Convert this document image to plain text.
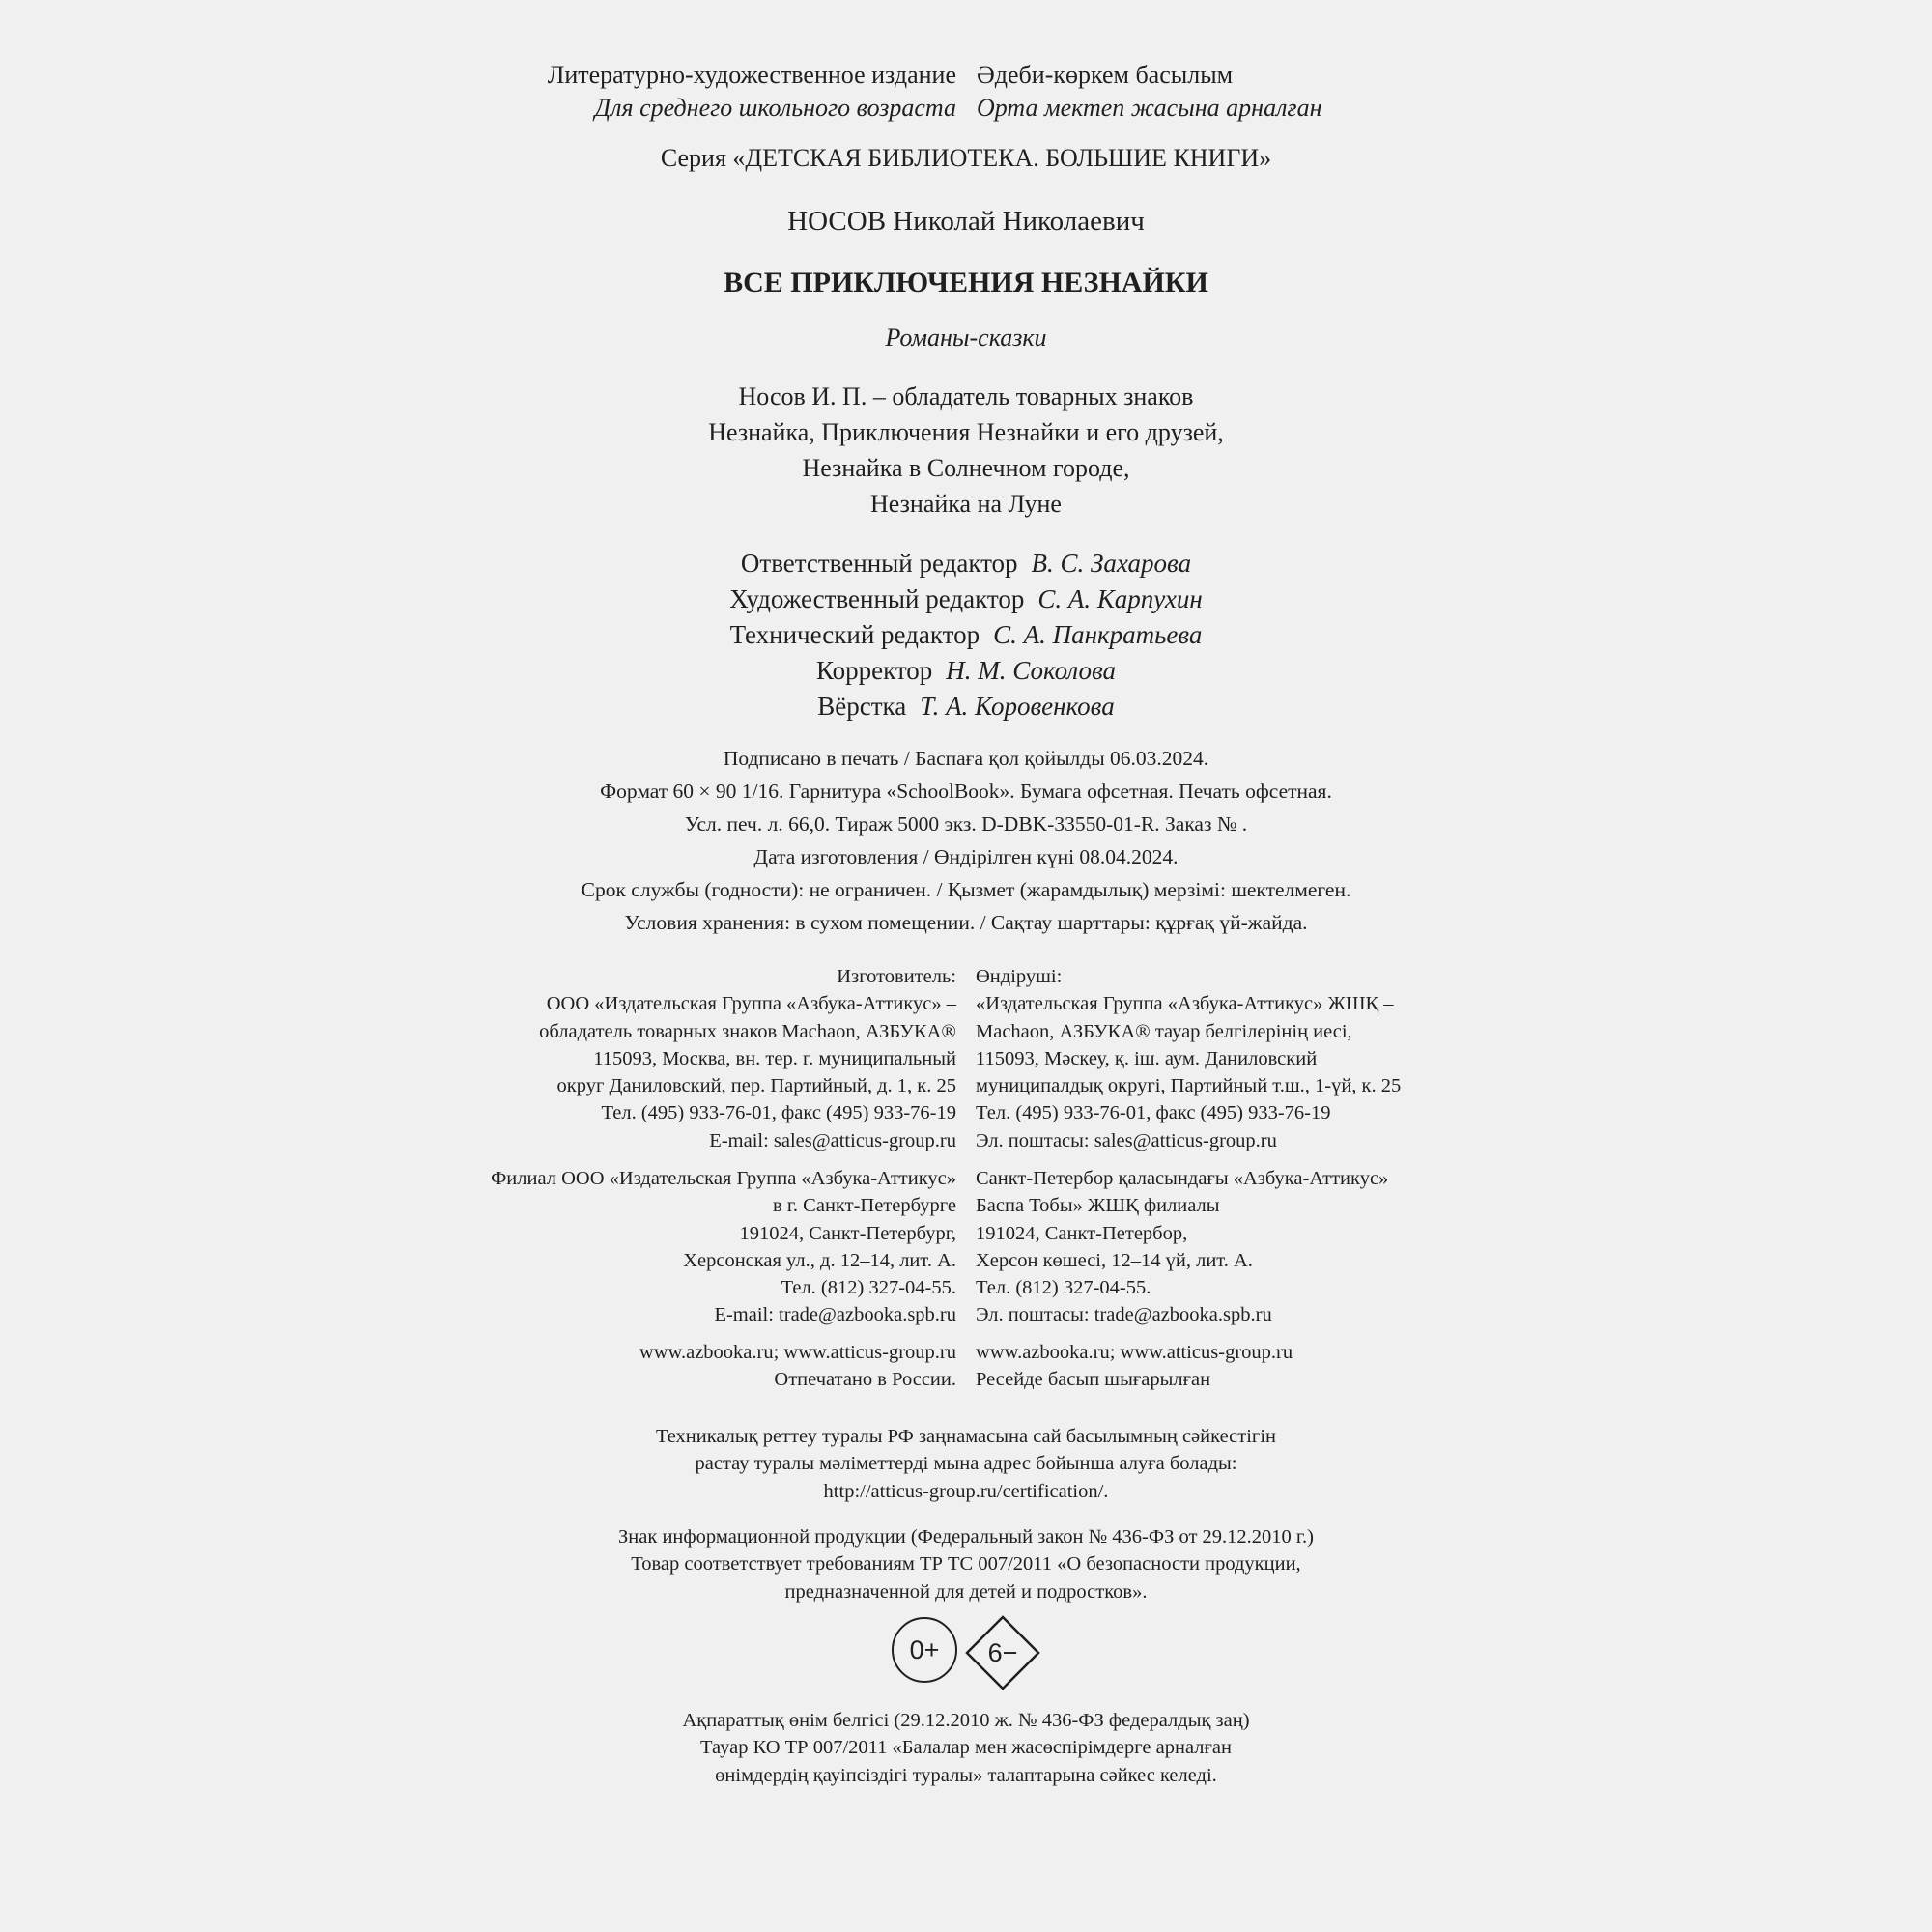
Литературно-художественное издание Әдеби-көркем басылым
Для среднего школьного возраста Орта мектеп жасына арналған
Серия «ДЕТСКАЯ БИБЛИОТЕКА. БОЛЬШИЕ КНИГИ»
НОСОВ Николай Николаевич
ВСЕ ПРИКЛЮЧЕНИЯ НЕЗНАЙКИ
Романы-сказки
Носов И. П. – обладатель товарных знаков
Незнайка, Приключения Незнайки и его друзей,
Незнайка в Солнечном городе,
Незнайка на Луне
Ответственный редактор В. С. Захарова
Художественный редактор С. А. Карпухин
Технический редактор С. А. Панкратьева
Корректор Н. М. Соколова
Вёрстка Т. А. Коровенкова
Подписано в печать / Баспаға қол қойылды 06.03.2024.
Формат 60 × 90 1/16. Гарнитура «SchoolBook». Бумага офсетная. Печать офсетная.
Усл. печ. л. 66,0. Тираж 5000 экз. D-DBK-33550-01-R. Заказ № .
Дата изготовления / Өндірілген күні 08.04.2024.
Срок службы (годности): не ограничен. / Қызмет (жарамдылық) мерзімі: шектелмеген.
Условия хранения: в сухом помещении. / Сақтау шарттары: құрғақ үй-жайда.
Изготовитель: Өндіруші:
ООО «Издательская Группа «Азбука-Аттикус» – «Издательская Группа «Азбука-Аттикус» ЖШҚ –
обладатель товарных знаков Machaon, АЗБУКА® Machaon, АЗБУКА® тауар белгілерінің иесі,
115093, Москва, вн. тер. г. муниципальный 115093, Мәскеу, қ. іш. аум. Даниловский
округ Даниловский, пер. Партийный, д. 1, к. 25 муниципалдық округі, Партийный т.ш., 1-үй, к. 25
Тел. (495) 933-76-01, факс (495) 933-76-19 Тел. (495) 933-76-01, факс (495) 933-76-19
E-mail: sales@atticus-group.ru Эл. поштасы: sales@atticus-group.ru
Филиал ООО «Издательская Группа «Азбука-Аттикус» Санкт-Петербор қаласындағы «Азбука-Аттикус»
в г. Санкт-Петербурге Баспа Тобы» ЖШҚ филиалы
191024, Санкт-Петербург, 191024, Санкт-Петербор,
Херсонская ул., д. 12–14, лит. А. Херсон көшесі, 12–14 үй, лит. А.
Тел. (812) 327-04-55. Тел. (812) 327-04-55.
E-mail: trade@azbooka.spb.ru Эл. поштасы: trade@azbooka.spb.ru
www.azbooka.ru; www.atticus-group.ru www.azbooka.ru; www.atticus-group.ru
Отпечатано в России. Ресейде басып шығарылған
Техникалық реттеу туралы РФ заңнамасына сай басылымның сәйкестігін
растау туралы мәліметтерді мына адрес бойынша алуға болады:
http://atticus-group.ru/certification/.
Знак информационной продукции (Федеральный закон № 436-ФЗ от 29.12.2010 г.)
Товар соответствует требованиям ТР ТС 007/2011 «О безопасности продукции,
предназначенной для детей и подростков».
0+	6−
Ақпараттық өнім белгісі (29.12.2010 ж. № 436-ФЗ федералдық заң)
Тауар КО ТР 007/2011 «Балалар мен жасөспірімдерге арналған
өнімдердің қауіпсіздігі туралы» талаптарына сәйкес келеді.
